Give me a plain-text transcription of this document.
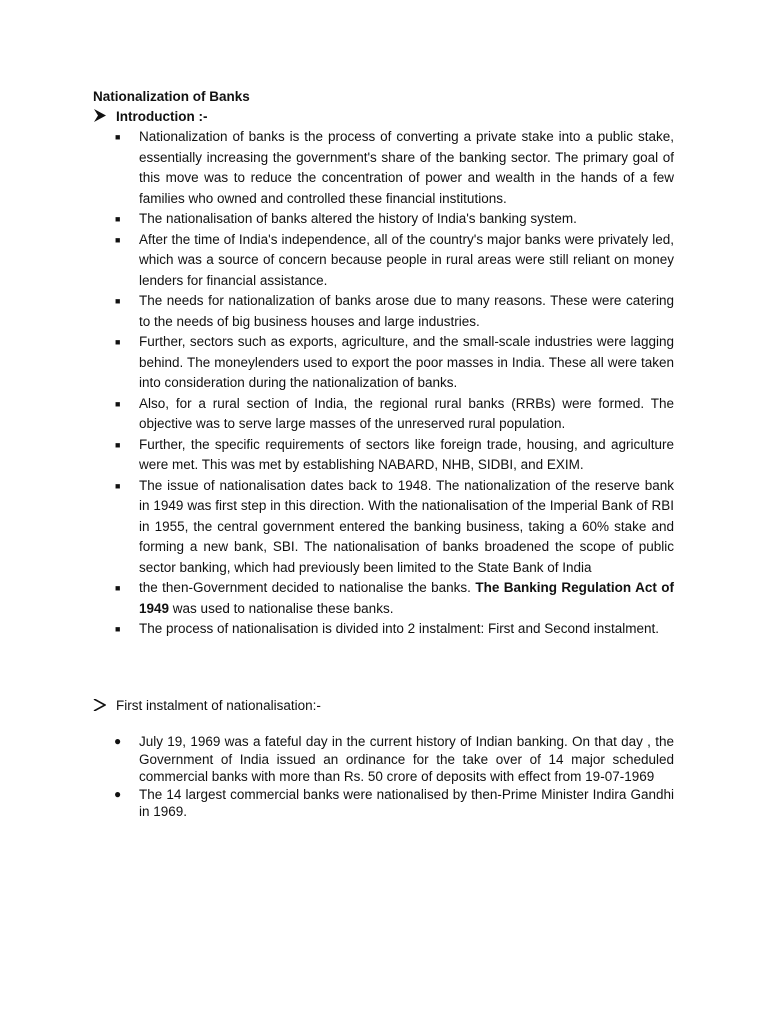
Nationalization of Banks
Introduction :-
■ Nationalization of banks is the process of converting a private stake into a public stake, essentially increasing the government's share of the banking sector. The primary goal of this move was to reduce the concentration of power and wealth in the hands of a few families who owned and controlled these financial institutions.
■ The nationalisation of banks altered the history of India's banking system.
■ After the time of India's independence, all of the country's major banks were privately led, which was a source of concern because people in rural areas were still reliant on money lenders for financial assistance.
■ The needs for nationalization of banks arose due to many reasons. These were catering to the needs of big business houses and large industries.
■ Further, sectors such as exports, agriculture, and the small-scale industries were lagging behind. The moneylenders used to export the poor masses in India. These all were taken into consideration during the nationalization of banks.
■ Also, for a rural section of India, the regional rural banks (RRBs) were formed. The objective was to serve large masses of the unreserved rural population.
■ Further, the specific requirements of sectors like foreign trade, housing, and agriculture were met. This was met by establishing NABARD, NHB, SIDBI, and EXIM.
■ The issue of nationalisation dates back to 1948. The nationalization of the reserve bank in 1949 was first step in this direction. With the nationalisation of the Imperial Bank of RBI in 1955, the central government entered the banking business, taking a 60% stake and forming a new bank, SBI. The nationalisation of banks broadened the scope of public sector banking, which had previously been limited to the State Bank of India
■ the then-Government decided to nationalise the banks. The Banking Regulation Act of 1949 was used to nationalise these banks.
■ The process of nationalisation is divided into 2 instalment: First and Second instalment.
First instalment of nationalisation:-
● July 19, 1969 was a fateful day in the current history of Indian banking. On that day , the Government of India issued an ordinance for the take over of 14 major scheduled commercial banks with more than Rs. 50 crore of deposits with effect from 19-07-1969
● The 14 largest commercial banks were nationalised by then-Prime Minister Indira Gandhi in 1969.
